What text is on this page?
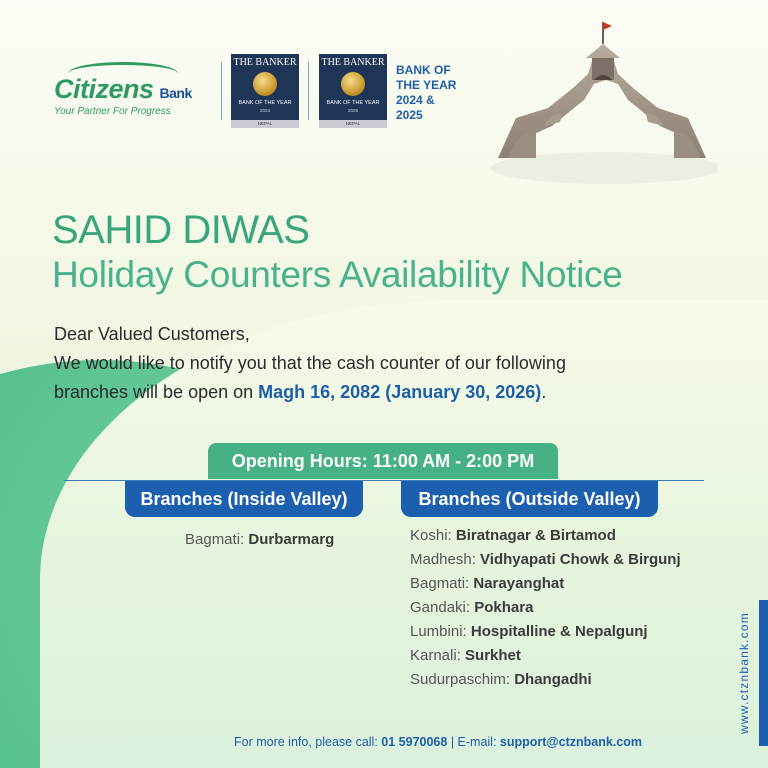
Citizens Bank
Your Partner For Progress
THE BANKER
BANK OF THE YEAR
2024
NEPAL
THE BANKER
BANK OF THE YEAR
2025
NEPAL
BANK OF
THE YEAR
2024 &
2025
SAHID DIWAS
Holiday Counters Availability Notice

Dear Valued Customers,

We would like to notify you that the cash counter of our following

branches will be open on Magh 16, 2082 (January 30, 2026).

Opening Hours: 11:00 AM - 2:00 PM
Branches (Inside Valley)	Branches (Outside Valley)
Bagmati: Durbarmarg	Koshi: Biratnagar & Birtamod
Madhesh: Vidhyapati Chowk & Birgunj
Bagmati: Narayanghat
Gandaki: Pokhara
Lumbini: Hospitalline & Nepalgunj
Karnali: Surkhet
Sudurpaschim: Dhangadhi
For more info, please call: 01 5970068 | E-mail: support@ctznbank.com
www.ctznbank.com
